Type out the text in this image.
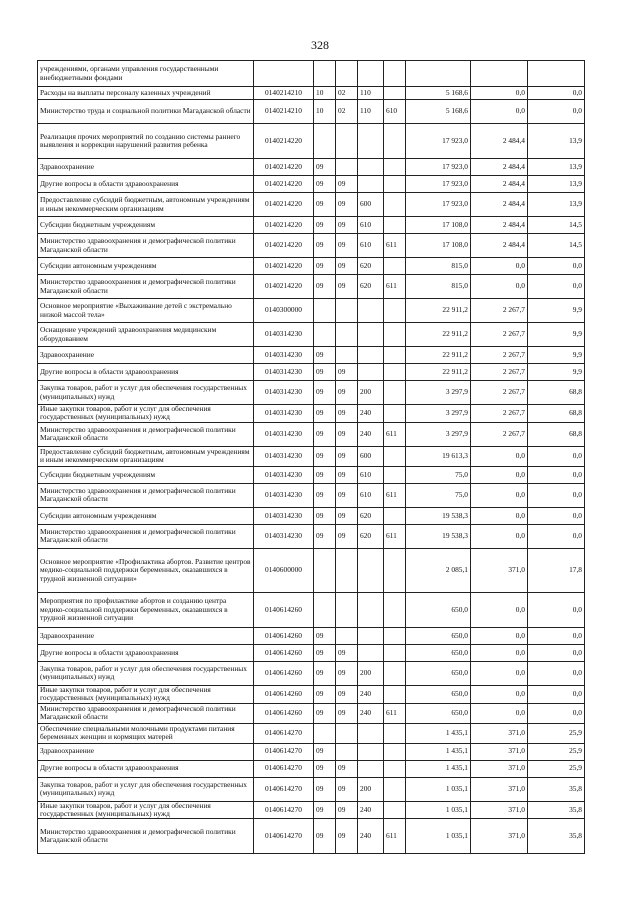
328
учреждениями, органами управления государственными внебюджетными фондами								
Расходы на выплаты персоналу казенных учреждений	0140214210	10	02	110		5 168,6	0,0	0,0
Министерство труда и социальной политики Магаданской области	0140214210	10	02	110	610	5 168,6	0,0	0,0
Реализация прочих мероприятий по созданию системы раннего выявления и коррекции нарушений развития ребенка	0140214220					17 923,0	2 484,4	13,9
Здравоохранение	0140214220	09				17 923,0	2 484,4	13,9
Другие вопросы в области здравоохранения	0140214220	09	09			17 923,0	2 484,4	13,9
Предоставление субсидий бюджетным, автономным учреждениям и иным некоммерческим организациям	0140214220	09	09	600		17 923,0	2 484,4	13,9
Субсидии бюджетным учреждениям	0140214220	09	09	610		17 108,0	2 484,4	14,5
Министерство здравоохранения и демографической политики Магаданской области	0140214220	09	09	610	611	17 108,0	2 484,4	14,5
Субсидии автономным учреждениям	0140214220	09	09	620		815,0	0,0	0,0
Министерство здравоохранения и демографической политики Магаданской области	0140214220	09	09	620	611	815,0	0,0	0,0
Основное мероприятие «Выхаживание детей с экстремально низкой массой тела»	0140300000					22 911,2	2 267,7	9,9
Оснащение учреждений здравоохранения медицинским оборудованием	0140314230					22 911,2	2 267,7	9,9
Здравоохранение	0140314230	09				22 911,2	2 267,7	9,9
Другие вопросы в области здравоохранения	0140314230	09	09			22 911,2	2 267,7	9,9
Закупка товаров, работ и услуг для обеспечения государственных (муниципальных) нужд	0140314230	09	09	200		3 297,9	2 267,7	68,8
Иные закупки товаров, работ и услуг для обеспечения государственных (муниципальных) нужд	0140314230	09	09	240		3 297,9	2 267,7	68,8
Министерство здравоохранения и демографической политики Магаданской области	0140314230	09	09	240	611	3 297,9	2 267,7	68,8
Предоставление субсидий бюджетным, автономным учреждениям и иным некоммерческим организациям	0140314230	09	09	600		19 613,3	0,0	0,0
Субсидии бюджетным учреждениям	0140314230	09	09	610		75,0	0,0	0,0
Министерство здравоохранения и демографической политики Магаданской области	0140314230	09	09	610	611	75,0	0,0	0,0
Субсидии автономным учреждениям	0140314230	09	09	620		19 538,3	0,0	0,0
Министерство здравоохранения и демографической политики Магаданской области	0140314230	09	09	620	611	19 538,3	0,0	0,0
Основное мероприятие «Профилактика абортов. Развитие центров медико-социальной поддержки беременных, оказавшихся в трудной жизненной ситуации»	0140600000					2 085,1	371,0	17,8
Мероприятия по профилактике абортов и созданию центра медико-социальной поддержки беременных, оказавшихся в трудной жизненной ситуации	0140614260					650,0	0,0	0,0
Здравоохранение	0140614260	09				650,0	0,0	0,0
Другие вопросы в области здравоохранения	0140614260	09	09			650,0	0,0	0,0
Закупка товаров, работ и услуг для обеспечения государственных (муниципальных) нужд	0140614260	09	09	200		650,0	0,0	0,0
Иные закупки товаров, работ и услуг для обеспечения государственных (муниципальных) нужд	0140614260	09	09	240		650,0	0,0	0,0
Министерство здравоохранения и демографической политики Магаданской области	0140614260	09	09	240	611	650,0	0,0	0,0
Обеспечение специальными молочными продуктами питания беременных женщин и кормящих матерей	0140614270					1 435,1	371,0	25,9
Здравоохранение	0140614270	09				1 435,1	371,0	25,9
Другие вопросы в области здравоохранения	0140614270	09	09			1 435,1	371,0	25,9
Закупка товаров, работ и услуг для обеспечения государственных (муниципальных) нужд	0140614270	09	09	200		1 035,1	371,0	35,8
Иные закупки товаров, работ и услуг для обеспечения государственных (муниципальных) нужд	0140614270	09	09	240		1 035,1	371,0	35,8
Министерство здравоохранения и демографической политики Магаданской области	0140614270	09	09	240	611	1 035,1	371,0	35,8
